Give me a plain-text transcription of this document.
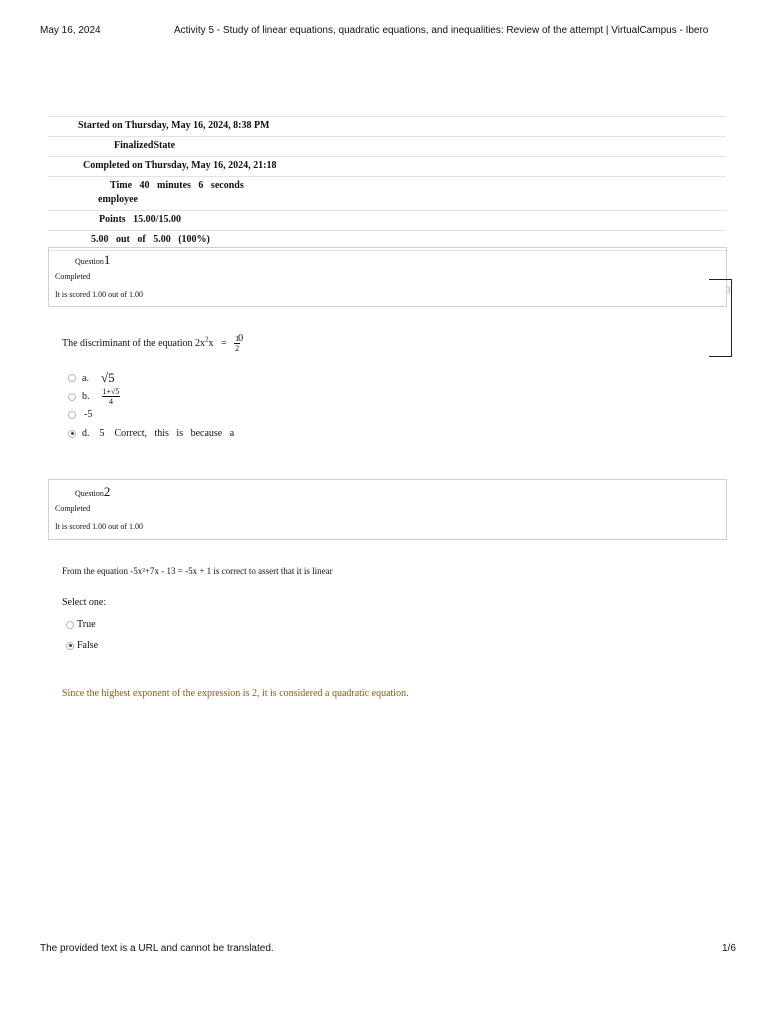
May 16, 2024	Activity 5 - Study of linear equations, quadratic equations, and inequalities: Review of the attempt | VirtualCampus - Ibero
Started on Thursday, May 16, 2024, 8:38 PM
FinalizedState
Completed on Thursday, May 16, 2024, 21:18
Time   40   minutes   6   seconds
employee
Points   15.00/15.00
5.00   out   of   5.00   (100%)
Question1
Completed
It is scored 1.00 out of 1.00	3
The discriminant of the equation $2x^2x = 1$
2
0
a. √5
b. $\frac{1+√5}{4}$
-5
d. 5 Correct,   this   is   because   a
Question2
Completed
It is scored 1.00 out of 1.00
From the equation -5x²+7x - 13 = -5x + 1 is correct to assert that it is linear
Select one:
True
False
Since the highest exponent of the expression is 2, it is considered a quadratic equation.
The provided text is a URL and cannot be translated.	1/6
